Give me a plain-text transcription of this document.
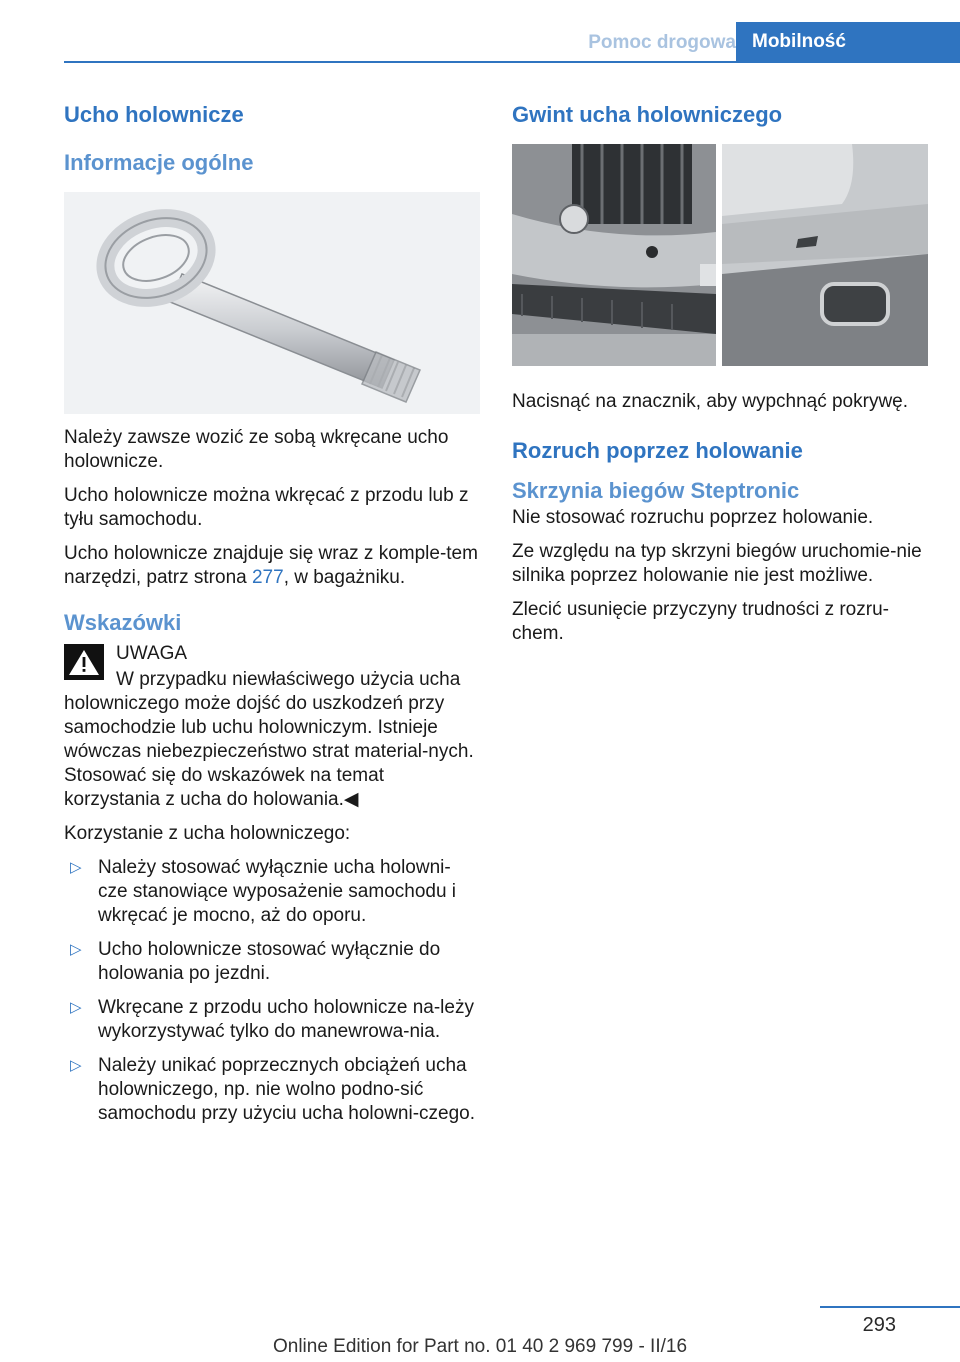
Pomoc drogowa Mobilność
Ucho holownicze
Informacje ogólne

Należy zawsze wozić ze sobą wkręcane ucho holownicze.

Ucho holownicze można wkręcać z przodu lub z tyłu samochodu.

Ucho holownicze znajduje się wraz z komple-tem narzędzi, patrz strona 277, w bagażniku.

Wskazówki
UWAGA

W przypadku niewłaściwego użycia ucha holowniczego może dojść do uszkodzeń przy samochodzie lub uchu holowniczym. Istnieje wówczas niebezpieczeństwo strat material-nych. Stosować się do wskazówek na temat korzystania z ucha do holowania.◀

Korzystanie z ucha holowniczego:

▷ Należy stosować wyłącznie ucha holowni-cze stanowiące wyposażenie samochodu i wkręcać je mocno, aż do oporu.
▷ Ucho holownicze stosować wyłącznie do holowania po jezdni.
▷ Wkręcane z przodu ucho holownicze na-leży wykorzystywać tylko do manewrowa-nia.
▷ Należy unikać poprzecznych obciążeń ucha holowniczego, np. nie wolno podno-sić samochodu przy użyciu ucha holowni-czego.
Gwint ucha holowniczego

Nacisnąć na znacznik, aby wypchnąć pokrywę.

Rozruch poprzez holowanie
Skrzynia biegów Steptronic

Nie stosować rozruchu poprzez holowanie.

Ze względu na typ skrzyni biegów uruchomie-nie silnika poprzez holowanie nie jest możliwe.

Zlecić usunięcie przyczyny trudności z rozru-chem.

293
Online Edition for Part no. 01 40 2 969 799 - II/16
